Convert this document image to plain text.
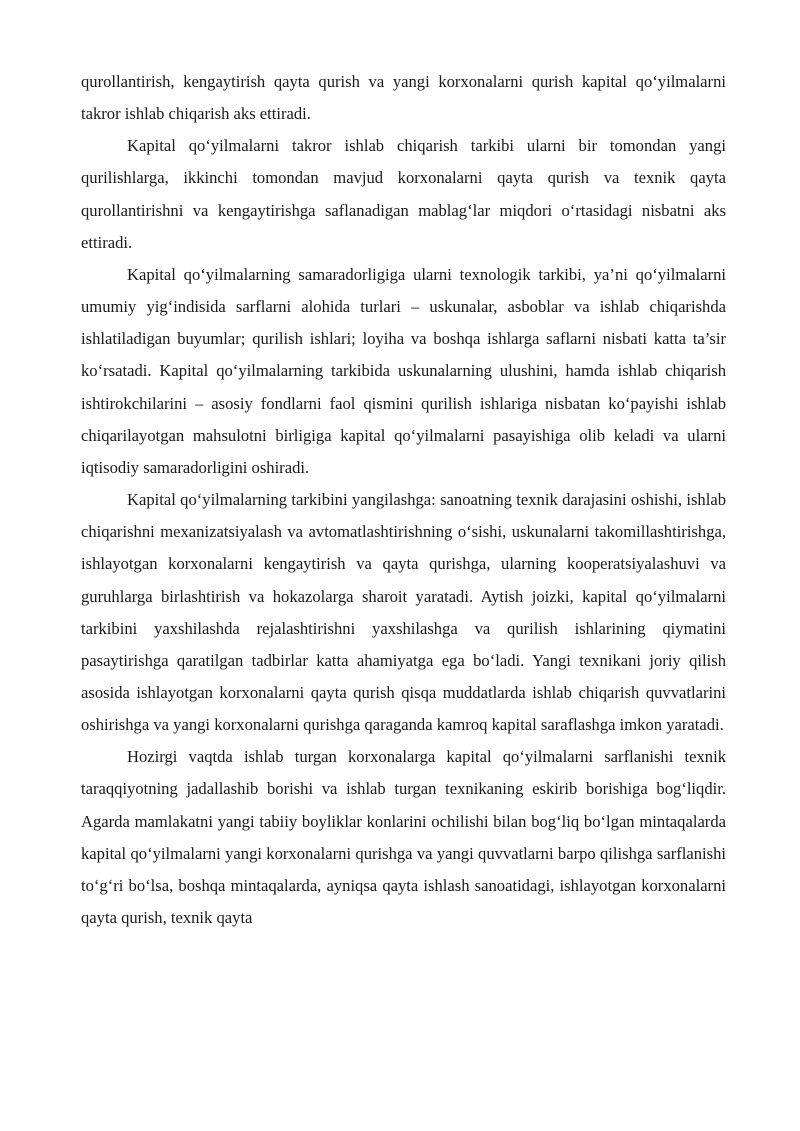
qurollantirish, kengaytirish qayta qurish va yangi korxonalarni qurish kapital qo‘yilmalarni takror ishlab chiqarish aks ettiradi.

Kapital qo‘yilmalarni takror ishlab chiqarish tarkibi ularni bir tomondan yangi qurilishlarga, ikkinchi tomondan mavjud korxonalarni qayta qurish va texnik qayta qurollantirishni va kengaytirishga saflanadigan mablag‘lar miqdori o‘rtasidagi nisbatni aks ettiradi.

Kapital qo‘yilmalarning samaradorligiga ularni texnologik tarkibi, ya’ni qo‘yilmalarni umumiy yig‘indisida sarflarni alohida turlari – uskunalar, asboblar va ishlab chiqarishda ishlatiladigan buyumlar; qurilish ishlari; loyiha va boshqa ishlarga saflarni nisbati katta ta’sir ko‘rsatadi. Kapital qo‘yilmalarning tarkibida uskunalarning ulushini, hamda ishlab chiqarish ishtirokchilarini – asosiy fondlarni faol qismini qurilish ishlariga nisbatan ko‘payishi ishlab chiqarilayotgan mahsulotni birligiga kapital qo‘yilmalarni pasayishiga olib keladi va ularni iqtisodiy samaradorligini oshiradi.

Kapital qo‘yilmalarning tarkibini yangilashga: sanoatning texnik darajasini oshishi, ishlab chiqarishni mexanizatsiyalash va avtomatlashtirishning o‘sishi, uskunalarni takomillashtirishga, ishlayotgan korxonalarni kengaytirish va qayta qurishga, ularning kooperatsiyalashuvi va guruhlarga birlashtirish va hokazolarga sharoit yaratadi. Aytish joizki, kapital qo‘yilmalarni tarkibini yaxshilashda rejalashtirishni yaxshilashga va qurilish ishlarining qiymatini pasaytirishga qaratilgan tadbirlar katta ahamiyatga ega bo‘ladi. Yangi texnikani joriy qilish asosida ishlayotgan korxonalarni qayta qurish qisqa muddatlarda ishlab chiqarish quvvatlarini oshirishga va yangi korxonalarni qurishga qaraganda kamroq kapital saraflashga imkon yaratadi.

Hozirgi vaqtda ishlab turgan korxonalarga kapital qo‘yilmalarni sarflanishi texnik taraqqiyotning jadallashib borishi va ishlab turgan texnikaning eskirib borishiga bog‘liqdir. Agarda mamlakatni yangi tabiiy boyliklar konlarini ochilishi bilan bog‘liq bo‘lgan mintaqalarda kapital qo‘yilmalarni yangi korxonalarni qurishga va yangi quvvatlarni barpo qilishga sarflanishi to‘g‘ri bo‘lsa, boshqa mintaqalarda, ayniqsa qayta ishlash sanoatidagi, ishlayotgan korxonalarni qayta qurish, texnik qayta
